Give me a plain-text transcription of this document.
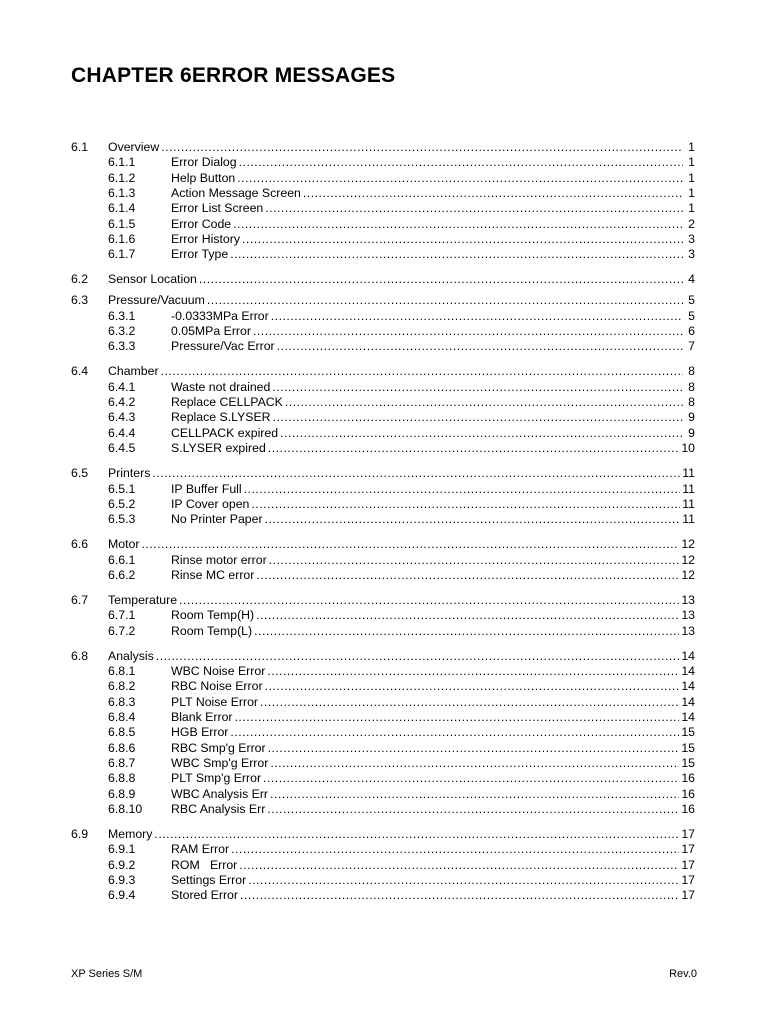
CHAPTER 6ERROR MESSAGES
6.1	Overview .....	1
6.1.1	Error Dialog .....	1
6.1.2	Help Button .....	1
6.1.3	Action Message Screen .....	1
6.1.4	Error List Screen .....	1
6.1.5	Error Code .....	2
6.1.6	Error History .....	3
6.1.7	Error Type .....	3
6.2	Sensor Location .....	4
6.3	Pressure/Vacuum .....	5
6.3.1	-0.0333MPa Error .....	5
6.3.2	0.05MPa Error .....	6
6.3.3	Pressure/Vac Error .....	7
6.4	Chamber .....	8
6.4.1	Waste not drained .....	8
6.4.2	Replace CELLPACK .....	8
6.4.3	Replace S.LYSER .....	9
6.4.4	CELLPACK expired .....	9
6.4.5	S.LYSER expired .....	10
6.5	Printers .....	11
6.5.1	IP Buffer Full .....	11
6.5.2	IP Cover open .....	11
6.5.3	No Printer Paper .....	11
6.6	Motor .....	12
6.6.1	Rinse motor error .....	12
6.6.2	Rinse MC error .....	12
6.7	Temperature .....	13
6.7.1	Room Temp(H) .....	13
6.7.2	Room Temp(L) .....	13
6.8	Analysis .....	14
6.8.1	WBC Noise Error .....	14
6.8.2	RBC Noise Error .....	14
6.8.3	PLT Noise Error .....	14
6.8.4	Blank Error .....	14
6.8.5	HGB Error .....	15
6.8.6	RBC Smp'g Error .....	15
6.8.7	WBC Smp'g Error .....	15
6.8.8	PLT Smp'g Error .....	16
6.8.9	WBC Analysis Err .....	16
6.8.10	RBC Analysis Err .....	16
6.9	Memory .....	17
6.9.1	RAM Error .....	17
6.9.2	ROM   Error .....	17
6.9.3	Settings Error .....	17
6.9.4	Stored Error .....	17
XP Series S/M	Rev.0
